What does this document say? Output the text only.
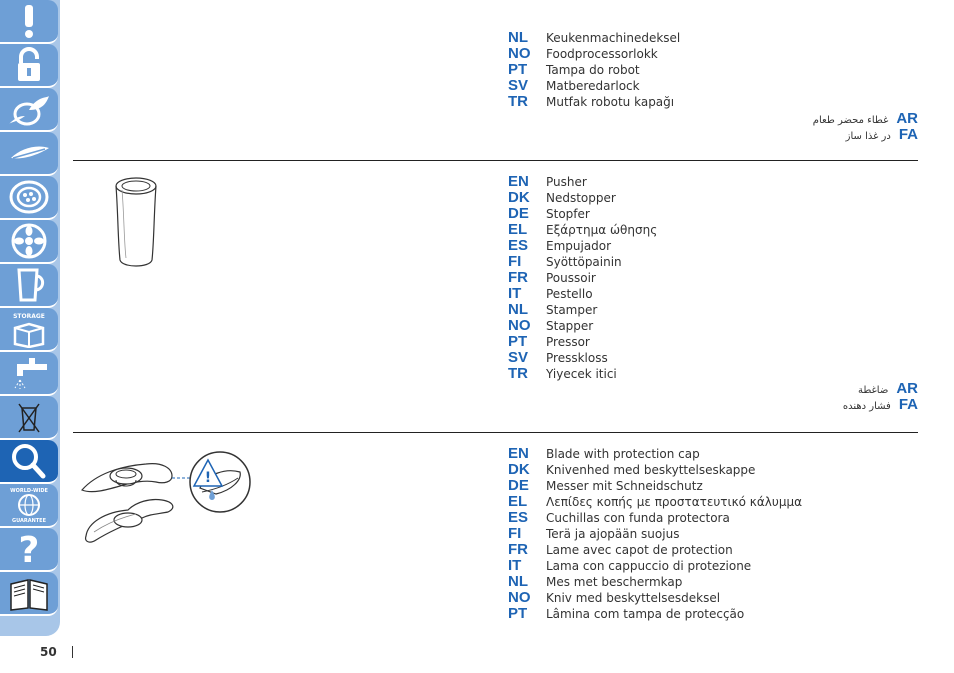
STORAGE
WORLD-WIDE
GUARANTEE
?
50
NL	Keukenmachinedeksel
NO	Foodprocessorlokk
PT	Tampa do robot
SV	Matberedarlock
TR	Mutfak robotu kapağı
غطاء محضر طعام AR
در غذا ساز FA
EN	Pusher
DK	Nedstopper
DE	Stopfer
EL	Εξάρτημα ώθησης
ES	Empujador
FI	Syöttöpainin
FR	Poussoir
IT	Pestello
NL	Stamper
NO	Stapper
PT	Pressor
SV	Presskloss
TR	Yiyecek itici
ضاغطة AR
فشار دهنده FA
!
EN	Blade with protection cap
DK	Knivenhed med beskyttelseskappe
DE	Messer mit Schneidschutz
EL	Λεπίδες κοπής με προστατευτικό κάλυμμα
ES	Cuchillas con funda protectora
FI	Terä ja ajopään suojus
FR	Lame avec capot de protection
IT	Lama con cappuccio di protezione
NL	Mes met beschermkap
NO	Kniv med beskyttelsesdeksel
PT	Lâmina com tampa de protecção
